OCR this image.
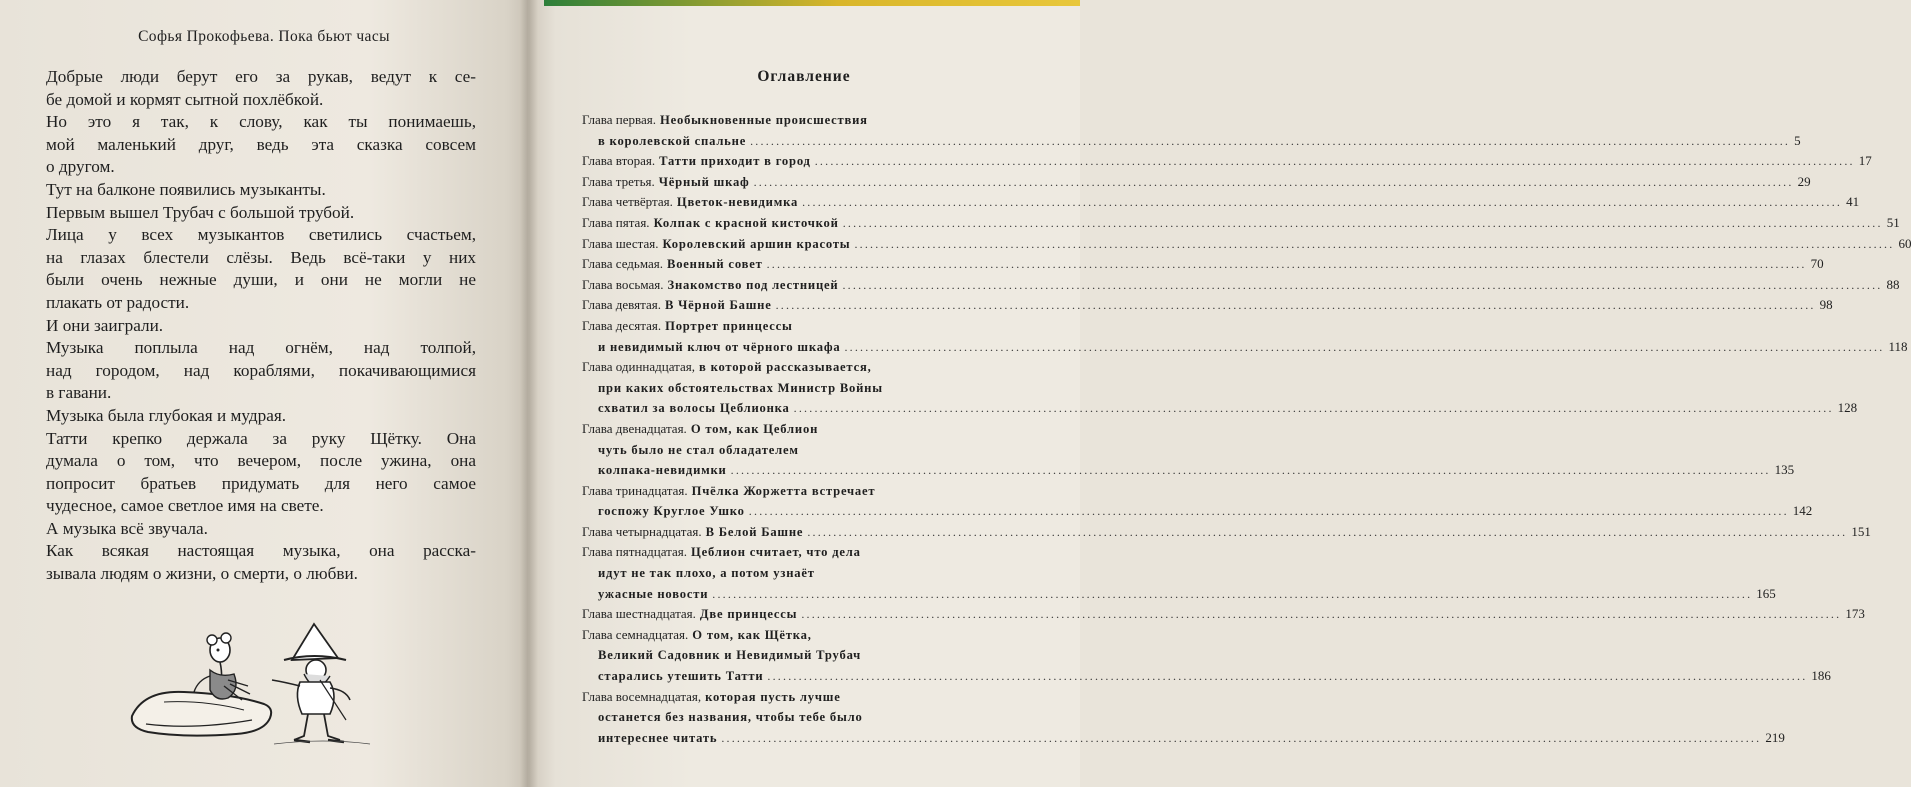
Софья Прокофьева. Пока бьют часы
Добрые люди берут его за рукав, ведут к се-
бе домой и кормят сытной похлёбкой.
Но это я так, к слову, как ты понимаешь,
мой маленький друг, ведь эта сказка совсем
о другом.
Тут на балконе появились музыканты.
Первым вышел Трубач с большой трубой.
Лица у всех музыкантов светились счастьем,
на глазах блестели слёзы. Ведь всё-таки у них
были очень нежные души, и они не могли не
плакать от радости.
И они заиграли.
Музыка поплыла над огнём, над толпой,
над городом, над кораблями, покачивающимися
в гавани.
Музыка была глубокая и мудрая.
Татти крепко держала за руку Щётку. Она
думала о том, что вечером, после ужина, она
попросит братьев придумать для него самое
чудесное, самое светлое имя на свете.
А музыка всё звучала.
Как всякая настоящая музыка, она расска-
зывала людям о жизни, о смерти, о любви.
Оглавление
Глава первая. Необыкновенные происшествия
в королевской спальне ........................................................................................................................................................................................................ 5
Глава вторая. Татти приходит в город ........................................................................................................................................................................................................ 17
Глава третья. Чёрный шкаф ........................................................................................................................................................................................................ 29
Глава четвёртая. Цветок-невидимка ........................................................................................................................................................................................................ 41
Глава пятая. Колпак с красной кисточкой ........................................................................................................................................................................................................ 51
Глава шестая. Королевский аршин красоты ........................................................................................................................................................................................................ 60
Глава седьмая. Военный совет ........................................................................................................................................................................................................ 70
Глава восьмая. Знакомство под лестницей ........................................................................................................................................................................................................ 88
Глава девятая. В Чёрной Башне ........................................................................................................................................................................................................ 98
Глава десятая. Портрет принцессы
и невидимый ключ от чёрного шкафа ........................................................................................................................................................................................................ 118
Глава одиннадцатая, в которой рассказывается,
при каких обстоятельствах Министр Войны
схватил за волосы Цеблионка ........................................................................................................................................................................................................ 128
Глава двенадцатая. О том, как Цеблион
чуть было не стал обладателем
колпака-невидимки ........................................................................................................................................................................................................ 135
Глава тринадцатая. Пчёлка Жоржетта встречает
госпожу Круглое Ушко ........................................................................................................................................................................................................ 142
Глава четырнадцатая. В Белой Башне ........................................................................................................................................................................................................ 151
Глава пятнадцатая. Цеблион считает, что дела
идут не так плохо, а потом узнаёт
ужасные новости ........................................................................................................................................................................................................ 165
Глава шестнадцатая. Две принцессы ........................................................................................................................................................................................................ 173
Глава семнадцатая. О том, как Щётка,
Великий Садовник и Невидимый Трубач
старались утешить Татти ........................................................................................................................................................................................................ 186
Глава восемнадцатая, которая пусть лучше
останется без названия, чтобы тебе было
интереснее читать ........................................................................................................................................................................................................ 219
